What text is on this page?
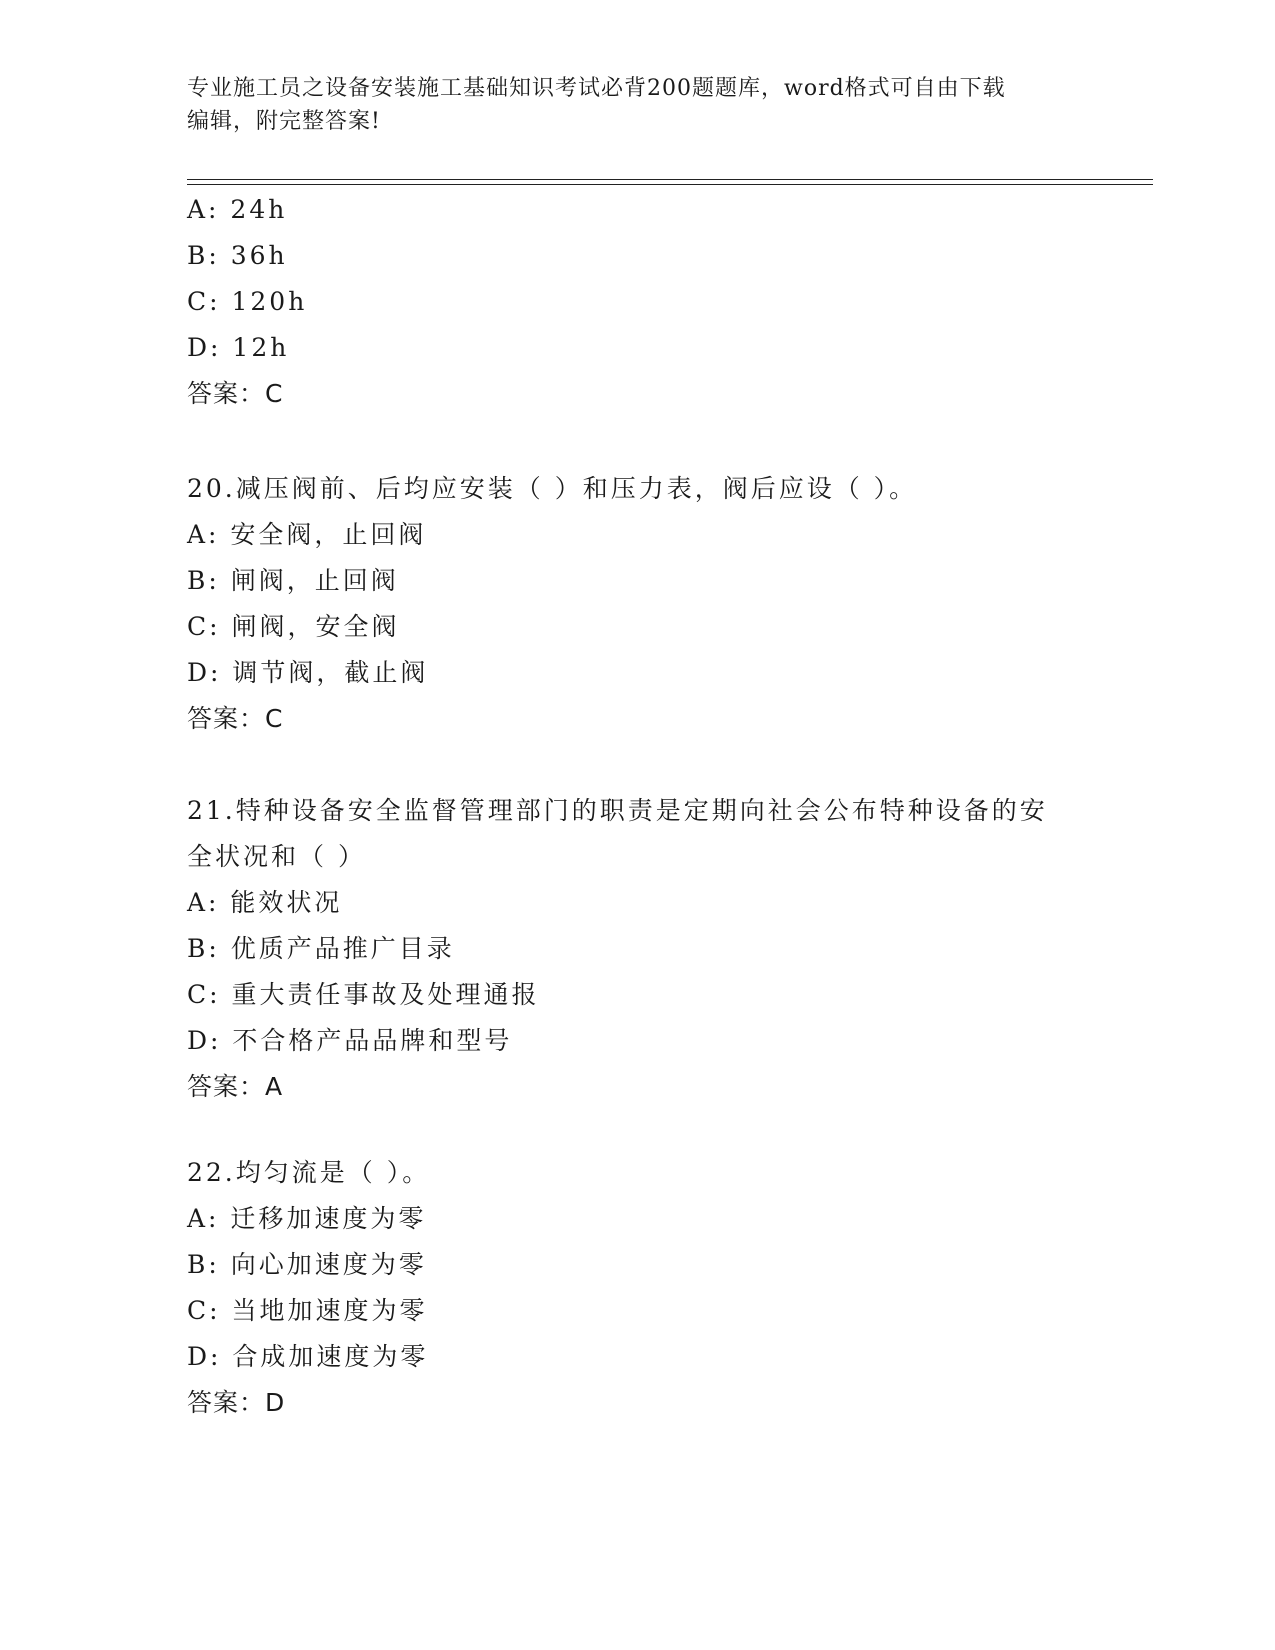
专业施工员之设备安装施工基础知识考试必背200题题库，word格式可自由下载
编辑，附完整答案!
A: 24h
B: 36h
C: 120h
D: 12h
答案：C
20.减压阀前、后均应安装（ ）和压力表，阀后应设（ ）。
A: 安全阀，止回阀
B: 闸阀，止回阀
C: 闸阀，安全阀
D: 调节阀，截止阀
答案：C
21.特种设备安全监督管理部门的职责是定期向社会公布特种设备的安
全状况和（ ）
A: 能效状况
B: 优质产品推广目录
C: 重大责任事故及处理通报
D: 不合格产品品牌和型号
答案：A
22.均匀流是（ ）。
A: 迁移加速度为零
B: 向心加速度为零
C: 当地加速度为零
D: 合成加速度为零
答案：D
